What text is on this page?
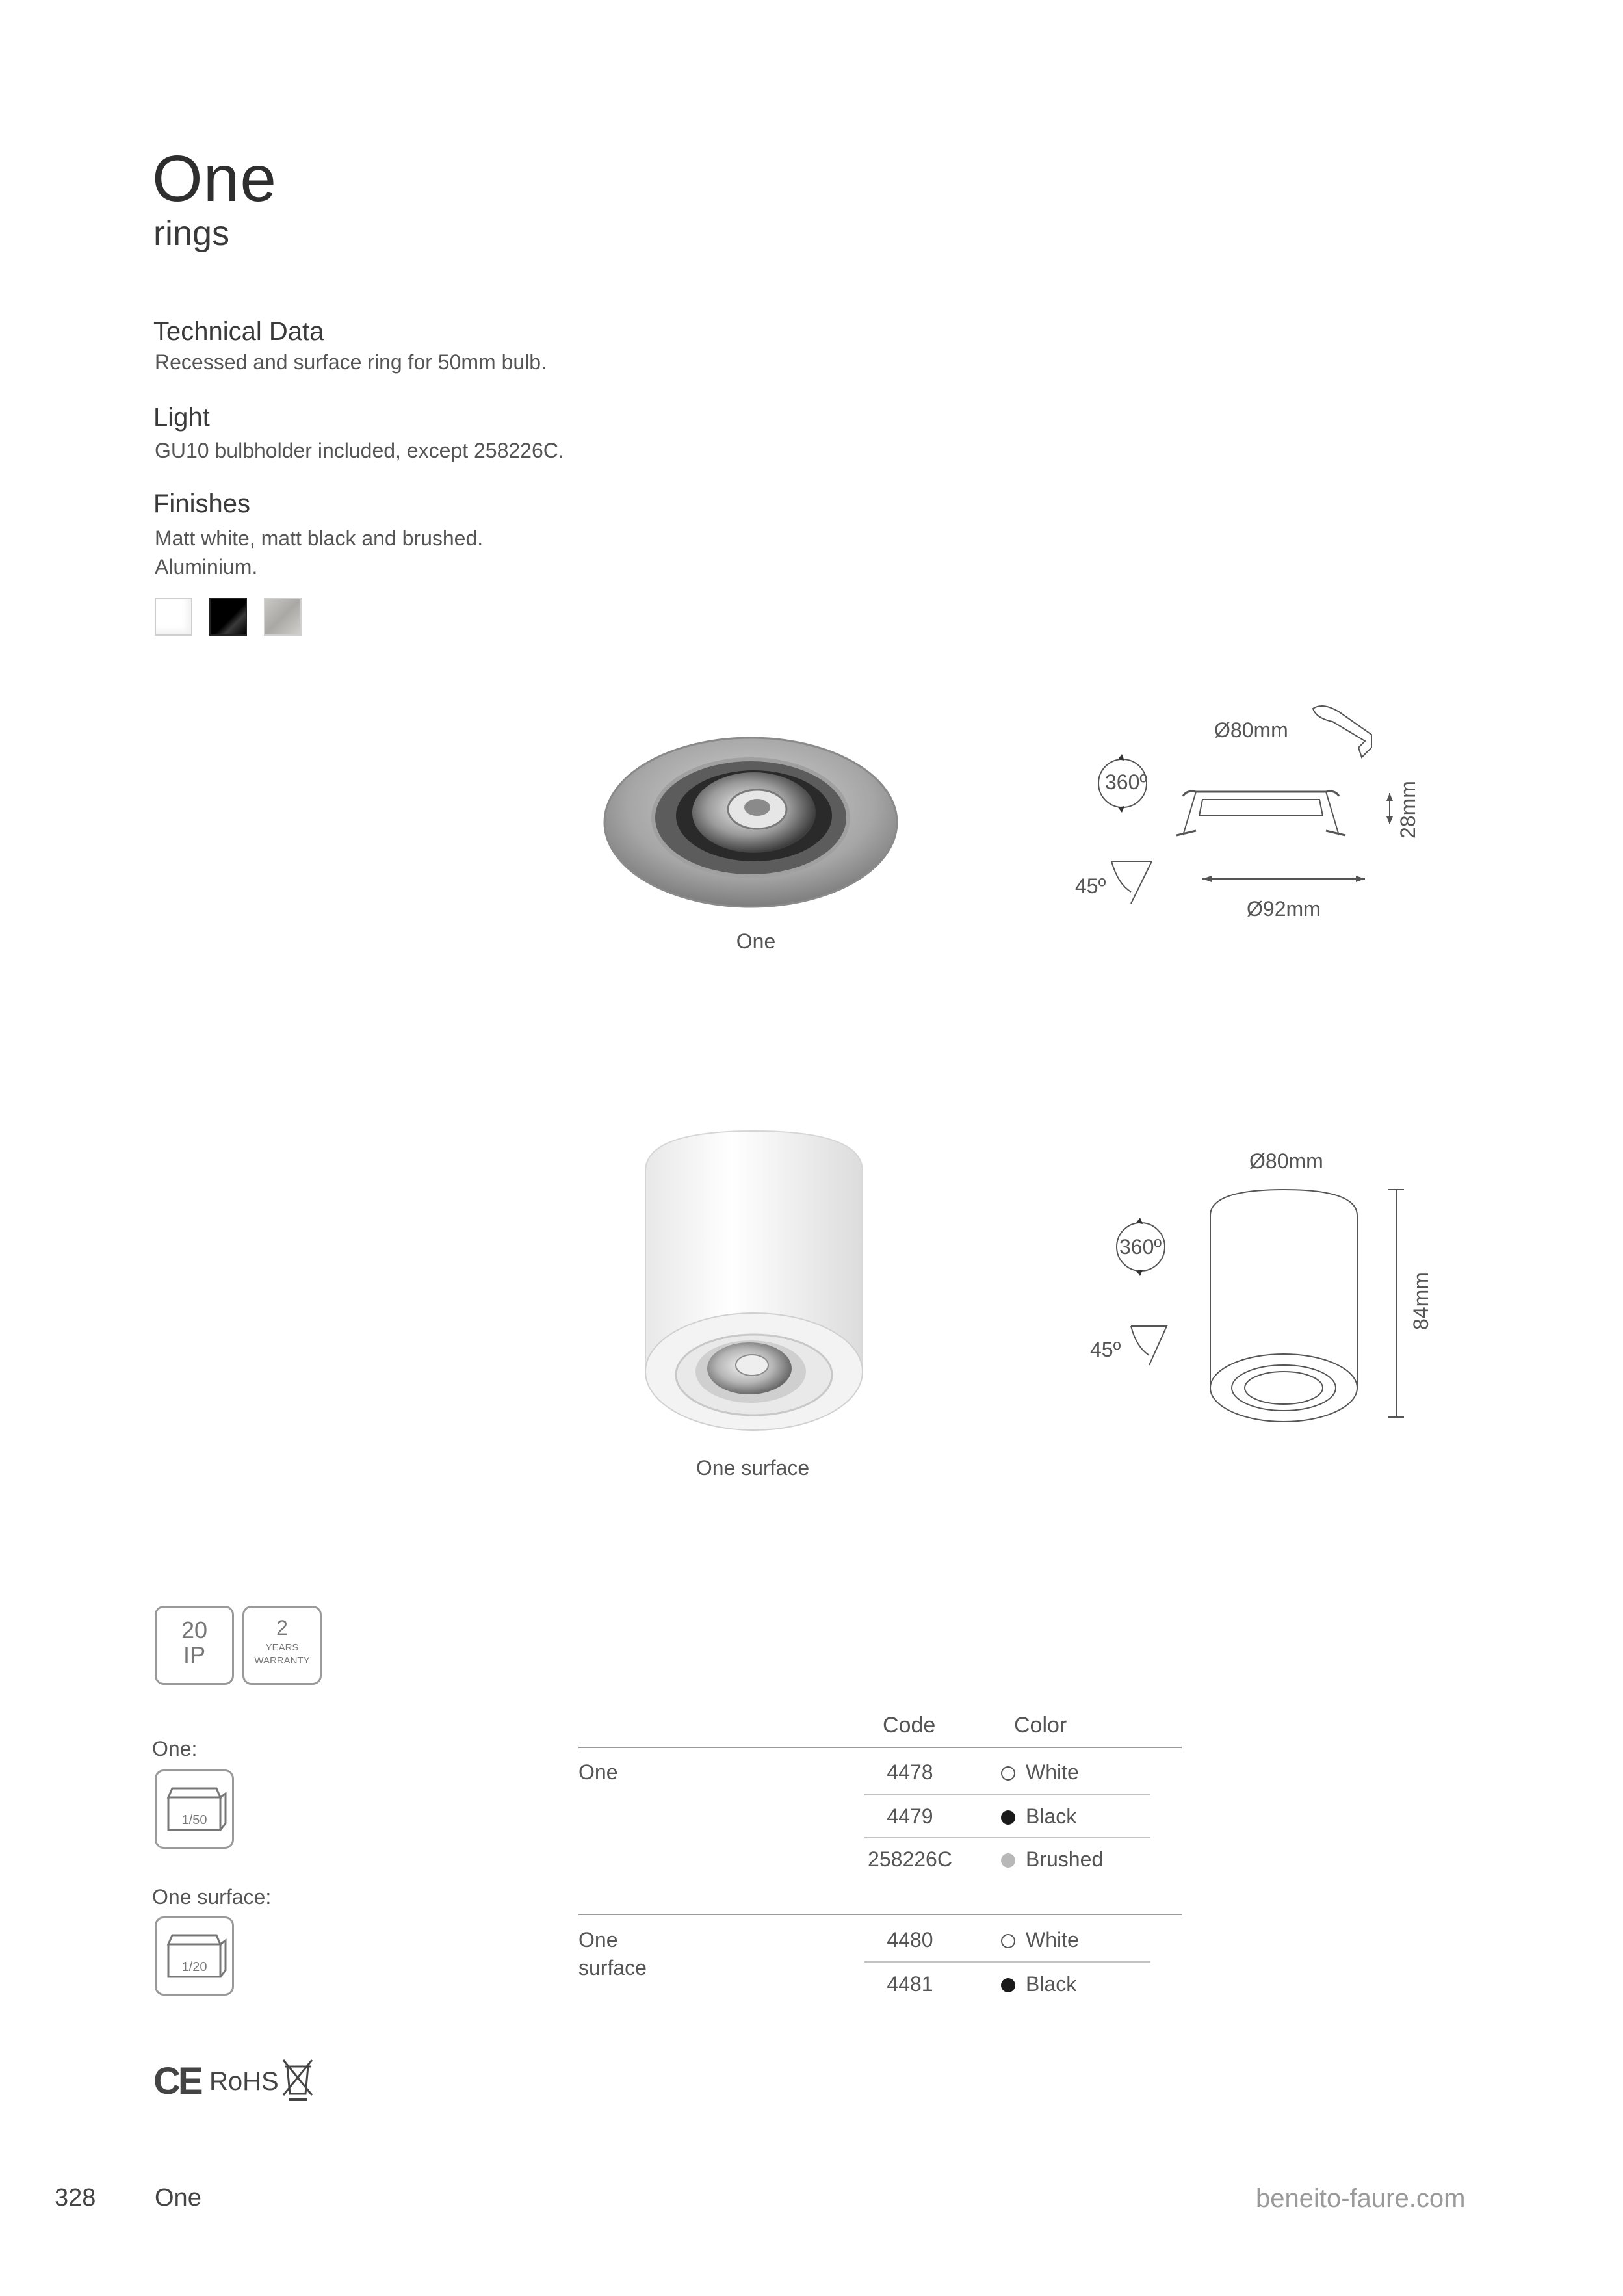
One
rings
Technical Data
Recessed and surface ring for 50mm bulb.
Light
GU10 bulbholder included, except 258226C.
Finishes
Matt white, matt black and brushed.
Aluminium.
One
360º
45º
Ø80mm
Ø92mm
28mm
One surface
360º
45º
Ø80mm
84mm
20
IP
2
YEARS
WARRANTY
One:
1/50
One surface:
1/20
CE RoHS
Code	Color
One	4478	White
4479	Black
258226C	Brushed
One
surface
4480	White
4481	Black
328 One	beneito-faure.com
